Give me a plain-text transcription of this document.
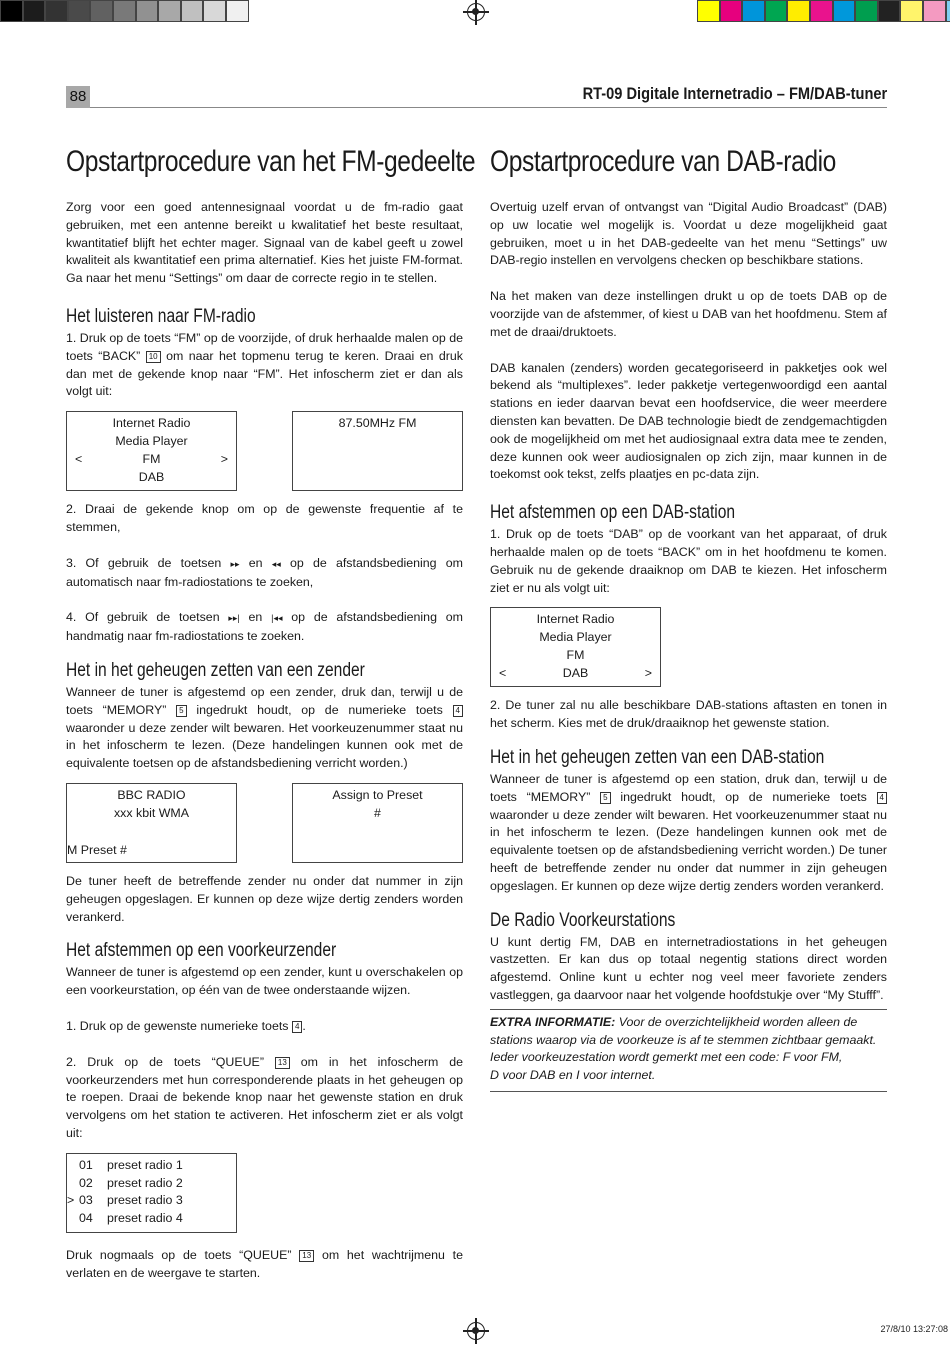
88	RT-09 Digitale Internetradio – FM/DAB-tuner
Opstartprocedure van het FM-gedeelte

Zorg voor een goed antennesignaal voordat u de fm-radio gaat gebruiken, met een antenne bereikt u kwalitatief het beste resultaat, kwantitatief blijft het echter mager. Signaal van de kabel geeft u zowel kwaliteit als kwantitatief een prima alternatief. Kies het juiste FM-format. Ga naar het menu “Settings” om daar de correcte regio in te stellen.

Het luisteren naar FM-radio

1. Druk op de toets “FM” op de voorzijde, of druk herhaalde malen op de toets “BACK” 10 om naar het topmenu terug te keren. Draai en druk dan met de gekende knop naar “FM”. Het infoscherm ziet er dan als volgt uit:

Internet Radio
Media Player
<	FM	>
DAB
87.50MHz FM

2. Draai de gekende knop om op de gewenste frequentie af te stemmen,

3. Of gebruik de toetsen ▸▸ en ◂◂ op de afstandsbediening om automatisch naar fm-radiostations te zoeken,

4. Of gebruik de toetsen ▸▸| en |◂◂ op de afstandsbediening om handmatig naar fm-radiostations te zoeken.

Het in het geheugen zetten van een zender

Wanneer de tuner is afgestemd op een zender, druk dan, terwijl u de toets “MEMORY” 5 ingedrukt houdt, op de numerieke toets 4 waaronder u deze zender wilt bewaren. Het voorkeuzenummer staat nu in het infoscherm te lezen. (Deze handelingen kunnen ook met de equivalente toetsen op de afstandsbediening verricht worden.)

BBC RADIO
xxx kbit WMA
M Preset #
Assign to Preset
#

De tuner heeft de betreffende zender nu onder dat nummer in zijn geheugen opgeslagen. Er kunnen op deze wijze dertig zenders worden verankerd.

Het afstemmen op een voorkeurzender

Wanneer de tuner is afgestemd op een zender, kunt u overschakelen op een voorkeurstation, op één van de twee onderstaande wijzen.

1. Druk op de gewenste numerieke toets 4 .

2. Druk op de toets “QUEUE” 13 om in het infoscherm de voorkeurzenders met hun corresponderende plaats in het geheugen op te roepen. Draai de bekende knop naar het gewenste station en druk vervolgens om het station te activeren. Het infoscherm ziet er als volgt uit:

01	preset radio 1
02	preset radio 2
> 03	preset radio 3
04	preset radio 4

Druk nogmaals op de toets “QUEUE” 13 om het wachtrijmenu te verlaten en de weergave te starten.

Opstartprocedure van DAB-radio

Overtuig uzelf ervan of ontvangst van “Digital Audio Broadcast” (DAB) op uw locatie wel mogelijk is. Voordat u deze mogelijkheid gaat gebruiken, moet u in het DAB-gedeelte van het menu “Settings” uw DAB-regio instellen en vervolgens checken op beschikbare stations.

Na het maken van deze instellingen drukt u op de toets DAB op de voorzijde van de afstemmer, of kiest u DAB van het hoofdmenu. Stem af met de draai/druktoets.

DAB kanalen (zenders) worden gecategoriseerd in pakketjes ook wel bekend als “multiplexes”. Ieder pakketje vertegenwoordigd een aantal stations en ieder daarvan bevat een hoofdservice, die weer meerdere diensten kan bevatten. De DAB technologie biedt de zendgemachtigden ook de mogelijkheid om met het audiosignaal extra data mee te zenden, deze kunnen ook weer audiosignalen op zich zijn, maar kunnen in de toekomst ook tekst, zelfs plaatjes en pc-data zijn.

Het afstemmen op een DAB-station

1. Druk op de toets “DAB” op de voorkant van het apparaat, of druk herhaalde malen op de toets “BACK” om in het hoofdmenu te komen. Gebruik nu de gekende draaiknop om DAB te kiezen. Het infoscherm ziet er nu als volgt uit:

Internet Radio
Media Player
FM
<	DAB	>

2. De tuner zal nu alle beschikbare DAB-stations aftasten en tonen in het scherm. Kies met de druk/draaiknop het gewenste station.

Het in het geheugen zetten van een DAB-station

Wanneer de tuner is afgestemd op een station, druk dan, terwijl u de toets “MEMORY” 5 ingedrukt houdt, op de numerieke toets 4 waaronder u deze zender wilt bewaren. Het voorkeuzenummer staat nu in het infoscherm te lezen. (Deze handelingen kunnen ook met de equivalente toetsen op de afstandsbediening verricht worden.) De tuner heeft de betreffende zender nu onder dat nummer in zijn geheugen opgeslagen. Er kunnen op deze wijze dertig zenders worden verankerd.

De Radio Voorkeurstations

U kunt dertig FM, DAB en internetradiostations in het geheugen vastzetten. Er kan dus op totaal negentig stations direct worden afgestemd. Online kunt u echter nog veel meer favoriete zenders vastleggen, ga daarvoor naar het volgende hoofdstukje over “My Stufff”.

EXTRA INFORMATIE: Voor de overzichtelijkheid worden alleen de stations waarop via de voorkeuze is af te stemmen zichtbaar gemaakt. Ieder voorkeuzestation wordt gemerkt met een code: F voor FM,
D voor DAB en I voor internet.
27/8/10 13:27:08
